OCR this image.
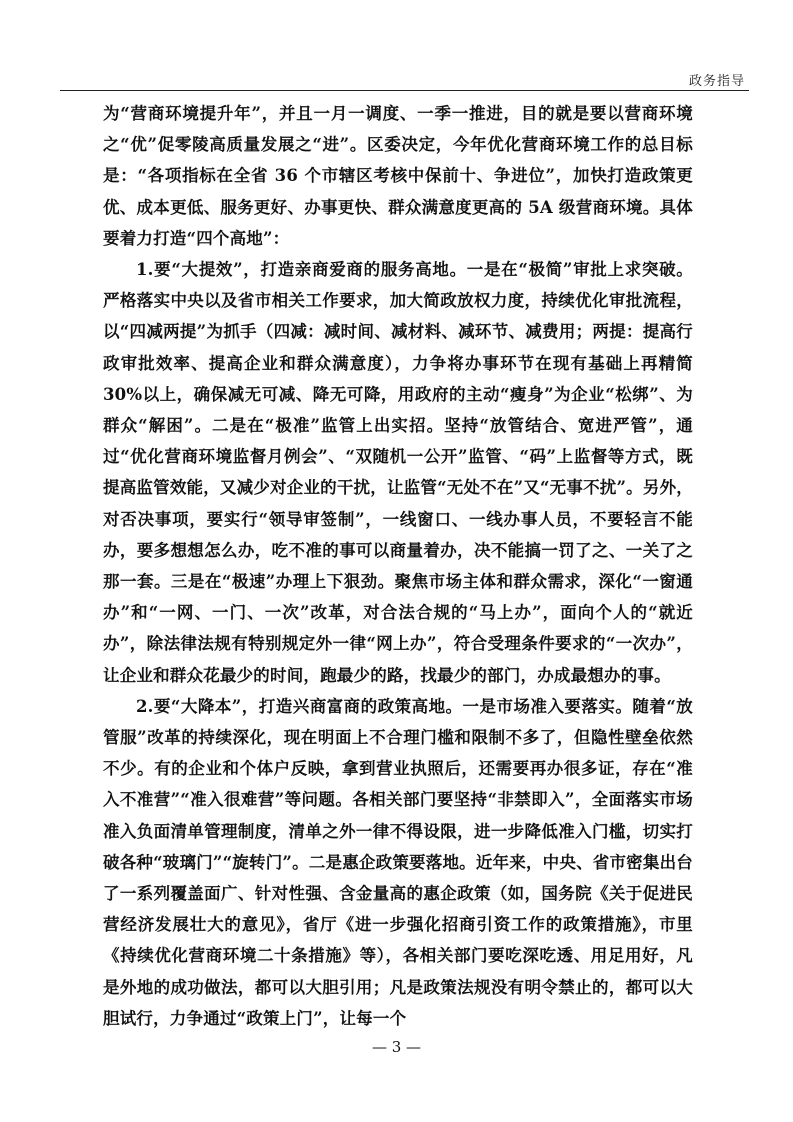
政务指导

为“营商环境提升年”，并且一月一调度、一季一推进，目的就是要以营商环境之“优”促零陵高质量发展之“进”。区委决定，今年优化营商环境工作的总目标是：“各项指标在全省 36 个市辖区考核中保前十、争进位”，加快打造政策更优、成本更低、服务更好、办事更快、群众满意度更高的 5A 级营商环境。具体要着力打造“四个高地”：

1.要“大提效”，打造亲商爱商的服务高地。一是在“极简”审批上求突破。严格落实中央以及省市相关工作要求，加大简政放权力度，持续优化审批流程，以“四减两提”为抓手（四减：减时间、减材料、减环节、减费用；两提：提高行政审批效率、提高企业和群众满意度），力争将办事环节在现有基础上再精简 30%以上，确保减无可减、降无可降，用政府的主动“瘦身”为企业“松绑”、为群众“解困”。二是在“极准”监管上出实招。坚持“放管结合、宽进严管”，通过“优化营商环境监督月例会”、“双随机一公开”监管、“码”上监督等方式，既提高监管效能，又减少对企业的干扰，让监管“无处不在”又“无事不扰”。另外，对否决事项，要实行“领导审签制”，一线窗口、一线办事人员，不要轻言不能办，要多想想怎么办，吃不准的事可以商量着办，决不能搞一罚了之、一关了之那一套。三是在“极速”办理上下狠劲。聚焦市场主体和群众需求，深化“一窗通办”和“一网、一门、一次”改革，对合法合规的“马上办”，面向个人的“就近办”，除法律法规有特别规定外一律“网上办”，符合受理条件要求的“一次办”，让企业和群众花最少的时间，跑最少的路，找最少的部门，办成最想办的事。

2.要“大降本”，打造兴商富商的政策高地。一是市场准入要落实。随着“放管服”改革的持续深化，现在明面上不合理门槛和限制不多了，但隐性壁垒依然不少。有的企业和个体户反映，拿到营业执照后，还需要再办很多证，存在“准入不准营”“准入很难营”等问题。各相关部门要坚持“非禁即入”，全面落实市场准入负面清单管理制度，清单之外一律不得设限，进一步降低准入门槛，切实打破各种“玻璃门”“旋转门”。二是惠企政策要落地。近年来，中央、省市密集出台了一系列覆盖面广、针对性强、含金量高的惠企政策（如，国务院《关于促进民营经济发展壮大的意见》，省厅《进一步强化招商引资工作的政策措施》，市里《持续优化营商环境二十条措施》等），各相关部门要吃深吃透、用足用好，凡是外地的成功做法，都可以大胆引用；凡是政策法规没有明令禁止的，都可以大胆试行，力争通过“政策上门”，让每一个

— 3 —
